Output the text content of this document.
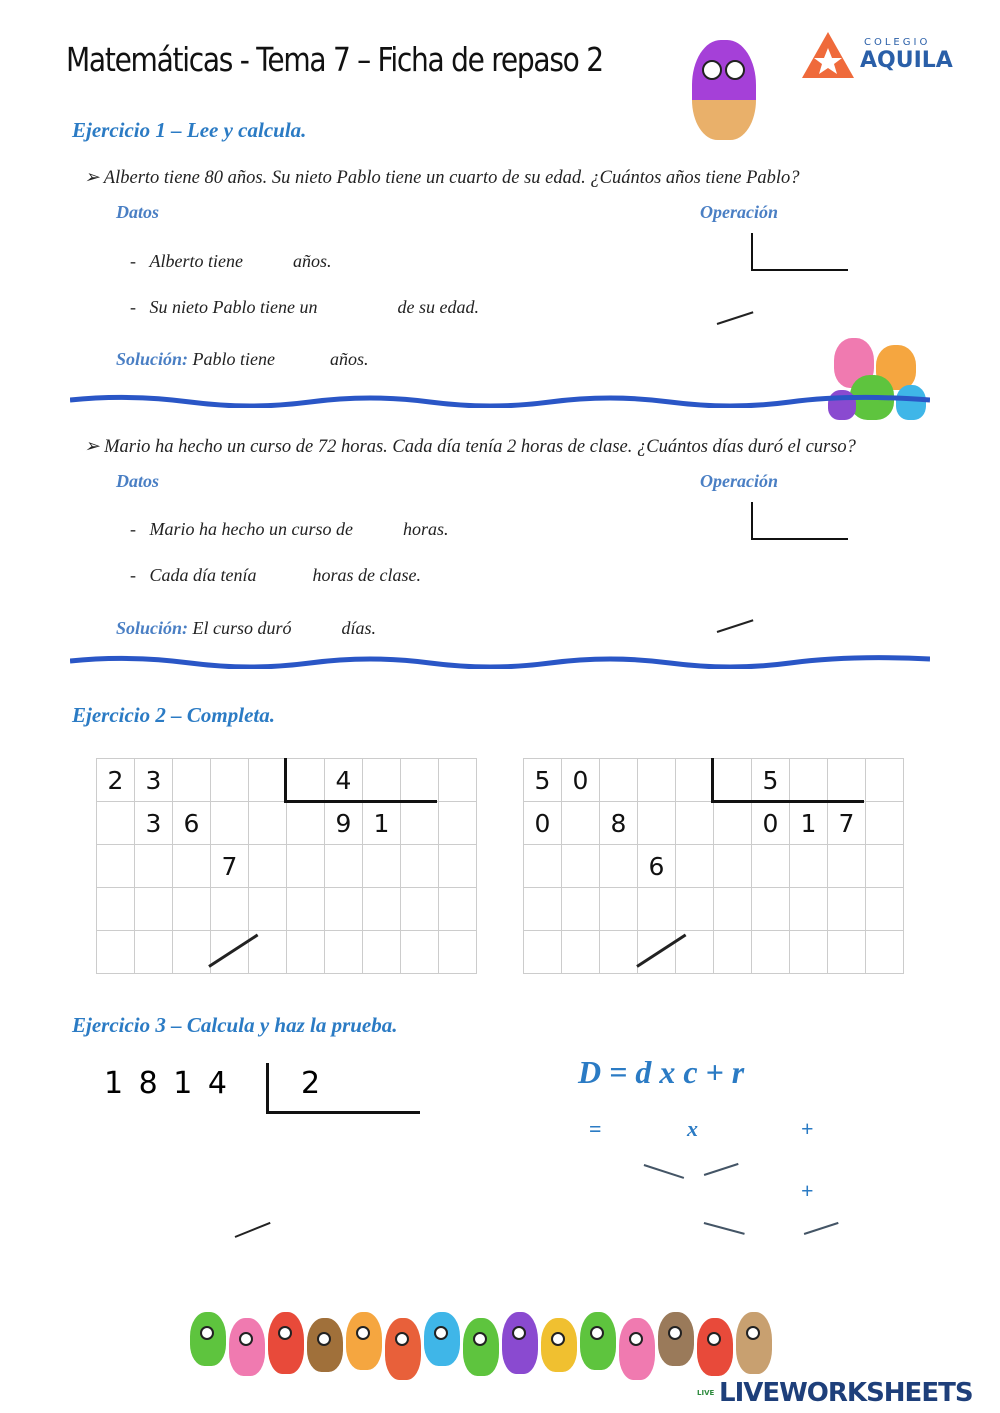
Matemáticas - Tema 7 – Ficha de repaso 2	COLEGIO
AQUILA
Ejercicio 1 – Lee y calcula.
➢ Alberto tiene 80 años. Su nieto Pablo tiene un cuarto de su edad. ¿Cuántos años tiene Pablo?
Datos	Operación
-   Alberto tiene	años.
-   Su nieto Pablo tiene un	de su edad.
Solución: Pablo tiene	años.
➢ Mario ha hecho un curso de 72 horas. Cada día tenía 2 horas de clase. ¿Cuántos días duró el curso?
Datos	Operación
-   Mario ha hecho un curso de	horas.
-   Cada día tenía	horas de clase.
Solución: El curso duró	días.
Ejercicio 2 – Completa.
2 3	4
3 6	9 1
7
5 0	5
0	8	0 1 7
6
Ejercicio 3 – Calcula y haz la prueba.
1 8 1 4 2	D = d x c + r
=	x	+
+
LIVE LIVEWORKSHEETS
